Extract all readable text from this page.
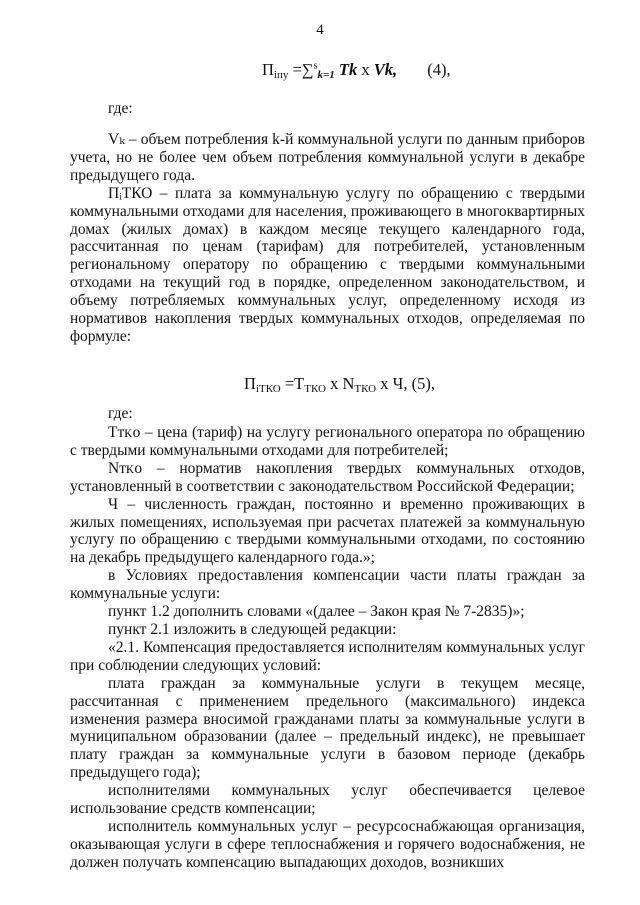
4
$П_{iпу} =\sum^s_{k=1}$ Tk x Vk, (4),
где:

Vₖ – объем потребления k-й коммунальной услуги по данным приборов учета, но не более чем объем потребления коммунальной услуги в декабре предыдущего года.

ПᵢТКО – плата за коммунальную услугу по обращению с твердыми коммунальными отходами для населения, проживающего в многоквартирных домах (жилых домах) в каждом месяце текущего календарного года, рассчитанная по ценам (тарифам) для потребителей, установленным региональному оператору по обращению с твердыми коммунальными отходами на текущий год в порядке, определенном законодательством, и объему потребляемых коммунальных услуг, определенному исходя из нормативов накопления твердых коммунальных отходов, определяемая по формуле:

$П_{iТКО} =Т_{ТКО}$ x $N_{ТКО}$ x Ч, (5),
где:

Тᴛᴋᴏ – цена (тариф) на услугу регионального оператора по обращению с твердыми коммунальными отходами для потребителей;

Nᴛᴋᴏ – норматив накопления твердых коммунальных отходов, установленный в соответствии с законодательством Российской Федерации;

Ч – численность граждан, постоянно и временно проживающих в жилых помещениях, используемая при расчетах платежей за коммунальную услугу по обращению с твердыми коммунальными отходами, по состоянию на декабрь предыдущего календарного года.»;

в Условиях предоставления компенсации части платы граждан за коммунальные услуги:

пункт 1.2 дополнить словами «(далее – Закон края № 7-2835)»;

пункт 2.1 изложить в следующей редакции:

«2.1. Компенсация предоставляется исполнителям коммунальных услуг при соблюдении следующих условий:

плата граждан за коммунальные услуги в текущем месяце, рассчитанная с применением предельного (максимального) индекса изменения размера вносимой гражданами платы за коммунальные услуги в муниципальном образовании (далее – предельный индекс), не превышает плату граждан за коммунальные услуги в базовом периоде (декабрь предыдущего года);

исполнителями коммунальных услуг обеспечивается целевое использование средств компенсации;

исполнитель коммунальных услуг – ресурсоснабжающая организация, оказывающая услуги в сфере теплоснабжения и горячего водоснабжения, не должен получать компенсацию выпадающих доходов, возникших
